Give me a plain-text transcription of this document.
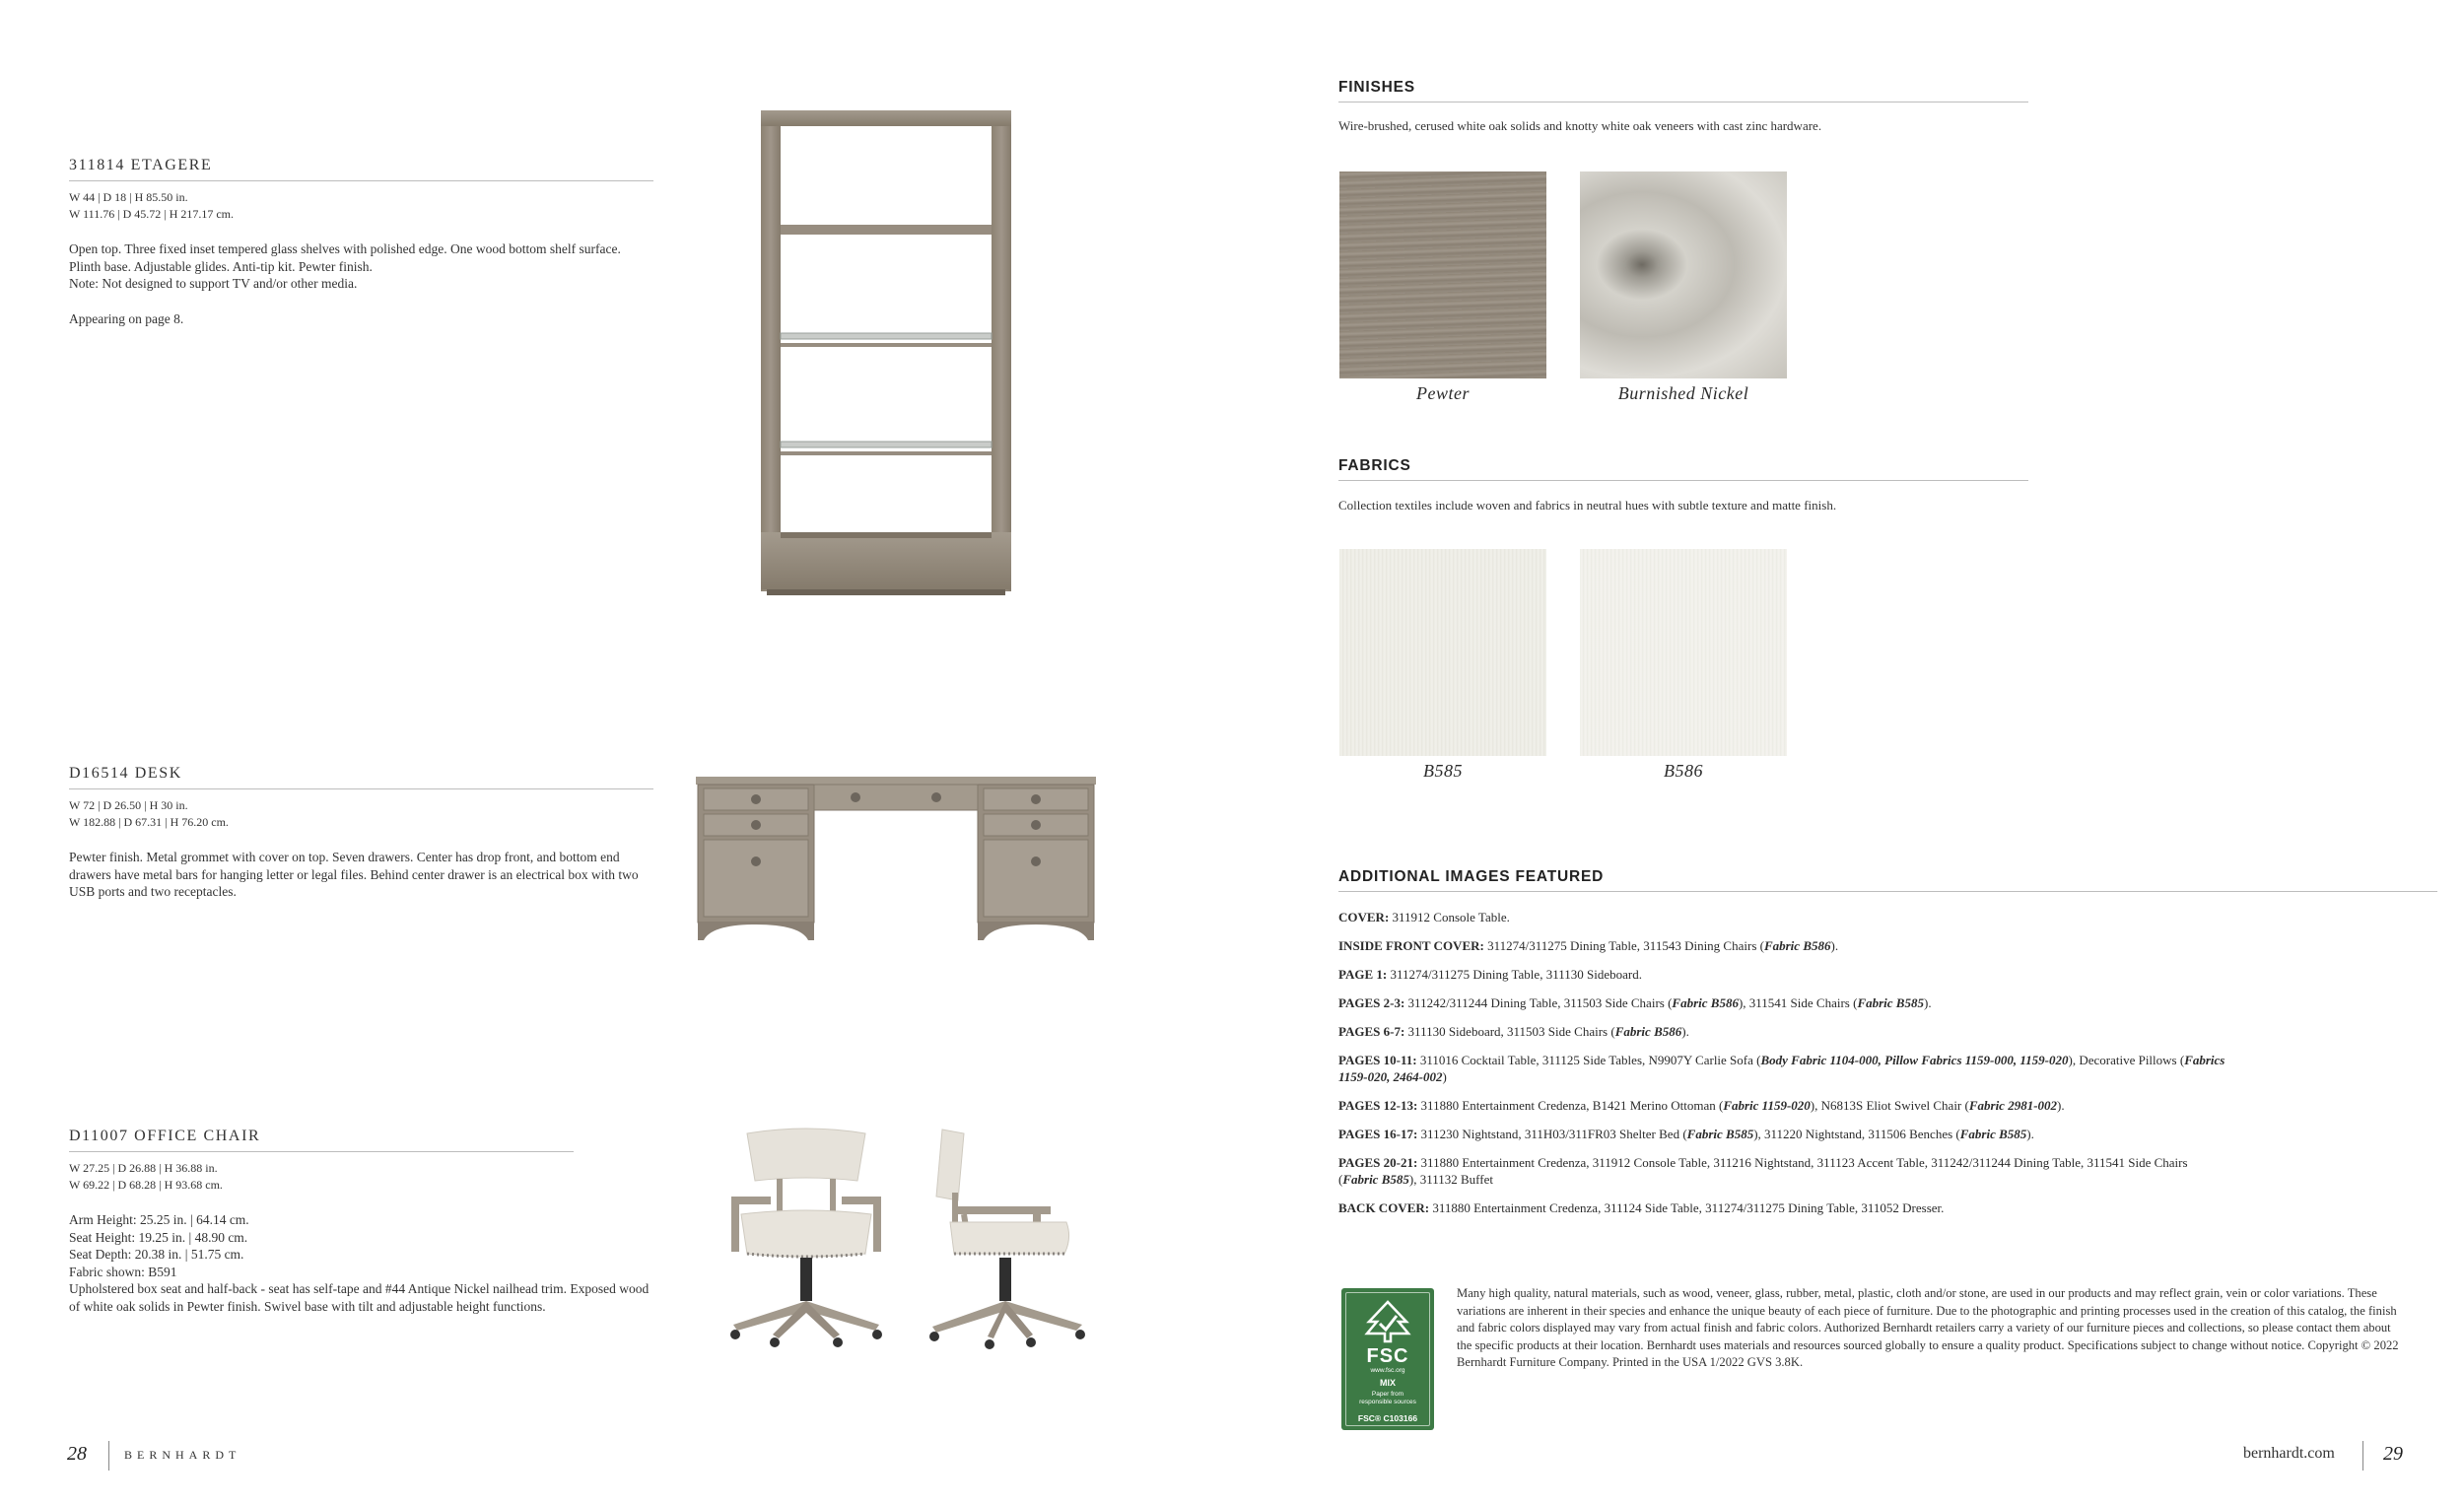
311814 ETAGERE
W 44 | D 18 | H 85.50 in.
W 111.76 | D 45.72 | H 217.17 cm.
Open top. Three fixed inset tempered glass shelves with polished edge. One wood bottom shelf surface. Plinth base. Adjustable glides. Anti-tip kit. Pewter finish.
Note: Not designed to support TV and/or other media.
Appearing on page 8.
D16514 DESK
W 72 | D 26.50 | H 30 in.
W 182.88 | D 67.31 | H 76.20 cm.
Pewter finish. Metal grommet with cover on top. Seven drawers. Center has drop front, and bottom end drawers have metal bars for hanging letter or legal files. Behind center drawer is an electrical box with two USB ports and two receptacles.
D11007 OFFICE CHAIR
W 27.25 | D 26.88 | H 36.88 in.
W 69.22 | D 68.28 | H 93.68 cm.
Arm Height: 25.25 in. | 64.14 cm.
Seat Height: 19.25 in. | 48.90 cm.
Seat Depth: 20.38 in. | 51.75 cm.
Fabric shown: B591
Upholstered box seat and half-back - seat has self-tape and #44 Antique Nickel nailhead trim. Exposed wood of white oak solids in Pewter finish. Swivel base with tilt and adjustable height functions.
28	BERNHARDT
FINISHES
Wire-brushed, cerused white oak solids and knotty white oak veneers with cast zinc hardware.
Pewter	Burnished Nickel
FABRICS
Collection textiles include woven and fabrics in neutral hues with subtle texture and matte finish.
B585	B586
ADDITIONAL IMAGES FEATURED
COVER: 311912 Console Table.
INSIDE FRONT COVER: 311274/311275 Dining Table, 311543 Dining Chairs (Fabric B586).
PAGE 1: 311274/311275 Dining Table, 311130 Sideboard.
PAGES 2-3: 311242/311244 Dining Table, 311503 Side Chairs (Fabric B586), 311541 Side Chairs (Fabric B585).
PAGES 6-7: 311130 Sideboard, 311503 Side Chairs (Fabric B586).
PAGES 10-11: 311016 Cocktail Table, 311125 Side Tables, N9907Y Carlie Sofa (Body Fabric 1104-000, Pillow Fabrics 1159-000, 1159-020), Decorative Pillows (Fabrics 1159-020, 2464-002)
PAGES 12-13: 311880 Entertainment Credenza, B1421 Merino Ottoman (Fabric 1159-020), N6813S Eliot Swivel Chair (Fabric 2981-002).
PAGES 16-17: 311230 Nightstand, 311H03/311FR03 Shelter Bed (Fabric B585), 311220 Nightstand, 311506 Benches (Fabric B585).
PAGES 20-21: 311880 Entertainment Credenza, 311912 Console Table, 311216 Nightstand, 311123 Accent Table, 311242/311244 Dining Table, 311541 Side Chairs (Fabric B585), 311132 Buffet
BACK COVER: 311880 Entertainment Credenza, 311124 Side Table, 311274/311275 Dining Table, 311052 Dresser.
FSC
www.fsc.org
MIX
Paper from
responsible sources
FSC® C103166
Many high quality, natural materials, such as wood, veneer, glass, rubber, metal, plastic, cloth and/or stone, are used in our products and may reflect grain, vein or color variations. These variations are inherent in their species and enhance the unique beauty of each piece of furniture. Due to the photographic and printing processes used in the creation of this catalog, the finish and fabric colors displayed may vary from actual finish and fabric colors. Authorized Bernhardt retailers carry a variety of our furniture pieces and collections, so please contact them about the specific products at their location. Bernhardt uses materials and resources sourced globally to ensure a quality product. Specifications subject to change without notice. Copyright © 2022 Bernhardt Furniture Company. Printed in the USA 1/2022 GVS 3.8K.
bernhardt.com 29
